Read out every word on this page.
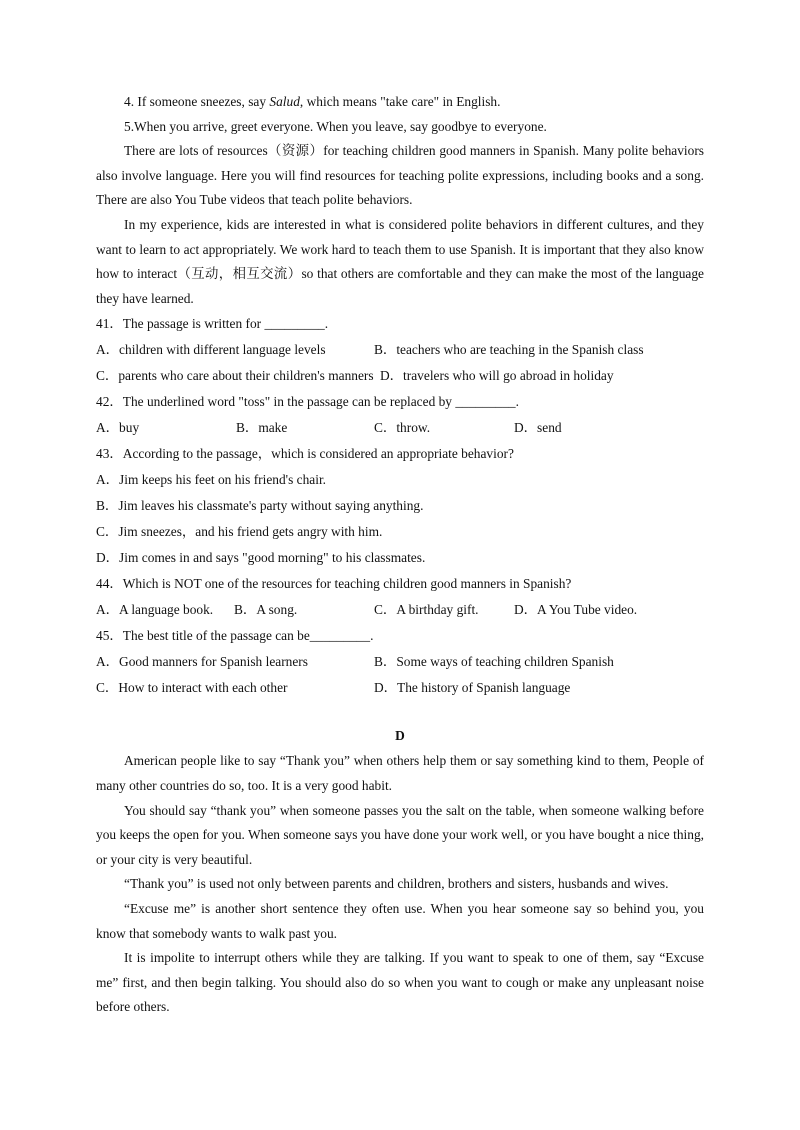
4. If someone sneezes, say Salud, which means "take care" in English.
5.When you arrive, greet everyone. When you leave, say goodbye to everyone.

There are lots of resources（资源）for teaching children good manners in Spanish. Many polite behaviors also involve language. Here you will find resources for teaching polite expressions, including books and a song. There are also You Tube videos that teach polite behaviors.

In my experience, kids are interested in what is considered polite behaviors in different cultures, and they want to learn to act appropriately. We work hard to teach them to use Spanish. It is important that they also know how to interact（互动，相互交流）so that others are comfortable and they can make the most of the language they have learned.

41．The passage is written for _________.
A．children with different language levels	B．teachers who are teaching in the Spanish class
C．parents who care about their children's manners D．travelers who will go abroad in holiday
42．The underlined word "toss" in the passage can be replaced by _________.
A．buy	B．make	C．throw.	D．send
43．According to the passage，which is considered an appropriate behavior?
A．Jim keeps his feet on his friend's chair.
B．Jim leaves his classmate's party without saying anything.
C．Jim sneezes，and his friend gets angry with him.
D．Jim comes in and says "good morning" to his classmates.
44．Which is NOT one of the resources for teaching children good manners in Spanish?
A．A language book.	B．A song.	C．A birthday gift.	D．A You Tube video.
45．The best title of the passage can be_________.
A．Good manners for Spanish learners	B．Some ways of teaching children Spanish
C．How to interact with each other	D．The history of Spanish language
D

American people like to say “Thank you” when others help them or say something kind to them, People of many other countries do so, too. It is a very good habit.

You should say “thank you” when someone passes you the salt on the table, when someone walking before you keeps the open for you. When someone says you have done your work well, or you have bought a nice thing, or your city is very beautiful.

“Thank you” is used not only between parents and children, brothers and sisters, husbands and wives.

“Excuse me” is another short sentence they often use. When you hear someone say so behind you, you know that somebody wants to walk past you.

It is impolite to interrupt others while they are talking. If you want to speak to one of them, say “Excuse me” first, and then begin talking. You should also do so when you want to cough or make any unpleasant noise before others.
